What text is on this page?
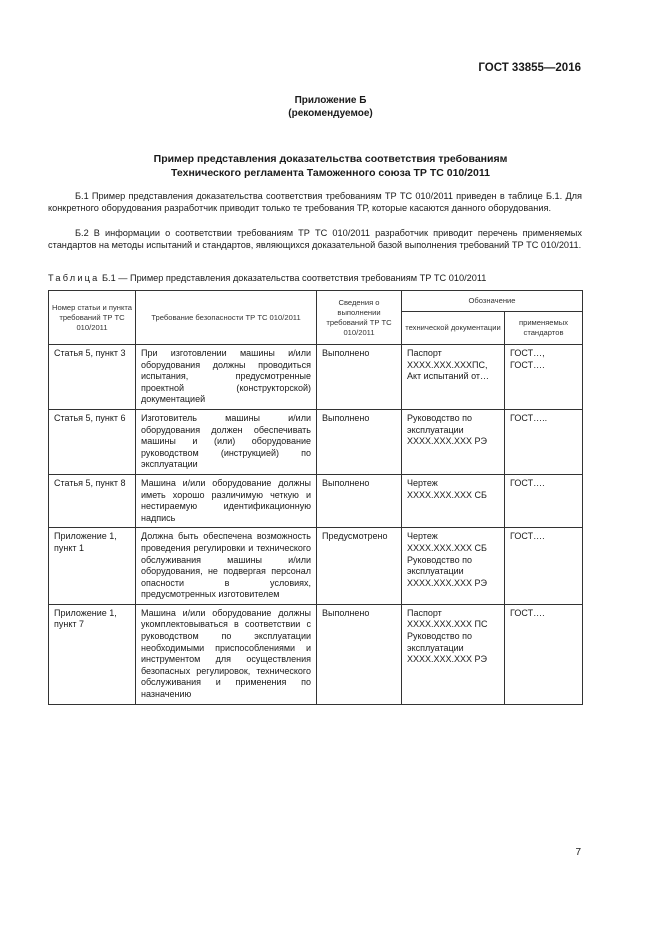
ГОСТ 33855—2016
Приложение Б
(рекомендуемое)
Пример представления доказательства соответствия требованиям
Технического регламента Таможенного союза ТР ТС 010/2011
Б.1 Пример представления доказательства соответствия требованиям ТР ТС 010/2011 приведен в таблице Б.1. Для конкретного оборудования разработчик приводит только те требования ТР, которые касаются данного оборудования.
Б.2 В информации о соответствии требованиям ТР ТС 010/2011 разработчик приводит перечень применяемых стандартов на методы испытаний и стандартов, являющихся доказательной базой выполнения требований ТР ТС 010/2011.
Таблица Б.1 — Пример представления доказательства соответствия требованиям ТР ТС 010/2011
Номер статьи и пункта требований ТР ТС 010/2011	Требование безопасности ТР ТС 010/2011	Сведения о выполнении требований ТР ТС 010/2011	Обозначение	
			технической документации	применяемых стандартов
Статья 5, пункт 3	При изготовлении машины и/или оборудования должны проводиться испытания, предусмотренные проектной (конструкторской) документацией	Выполнено	Паспорт ХХХХ.ХХХ.ХХХПС, Акт испытаний от…	ГОСТ…, ГОСТ….
Статья 5, пункт 6	Изготовитель машины и/или оборудования должен обеспечивать машины и (или) оборудование руководством (инструкцией) по эксплуатации	Выполнено	Руководство по эксплуатации ХХХХ.ХХХ.ХХХ РЭ	ГОСТ…..
Статья 5, пункт 8	Машина и/или оборудование должны иметь хорошо различимую четкую и нестираемую идентификационную надпись	Выполнено	Чертеж ХХХХ.ХХХ.ХХХ СБ	ГОСТ….
Приложение 1, пункт 1	Должна быть обеспечена возможность проведения регулировки и технического обслуживания машины и/или оборудования, не подвергая персонал опасности в условиях, предусмотренных изготовителем	Предусмотрено	Чертеж ХХХХ.ХХХ.ХХХ СБ Руководство по эксплуатации ХХХХ.ХХХ.ХХХ РЭ	ГОСТ….
Приложение 1, пункт 7	Машина и/или оборудование должны укомплектовываться в соответствии с руководством по эксплуатации необходимыми приспособлениями и инструментом для осуществления безопасных регулировок, технического обслуживания и применения по назначению	Выполнено	Паспорт ХХХХ.ХХХ.ХХХ ПС Руководство по эксплуатации ХХХХ.ХХХ.ХХХ РЭ	ГОСТ….
7
